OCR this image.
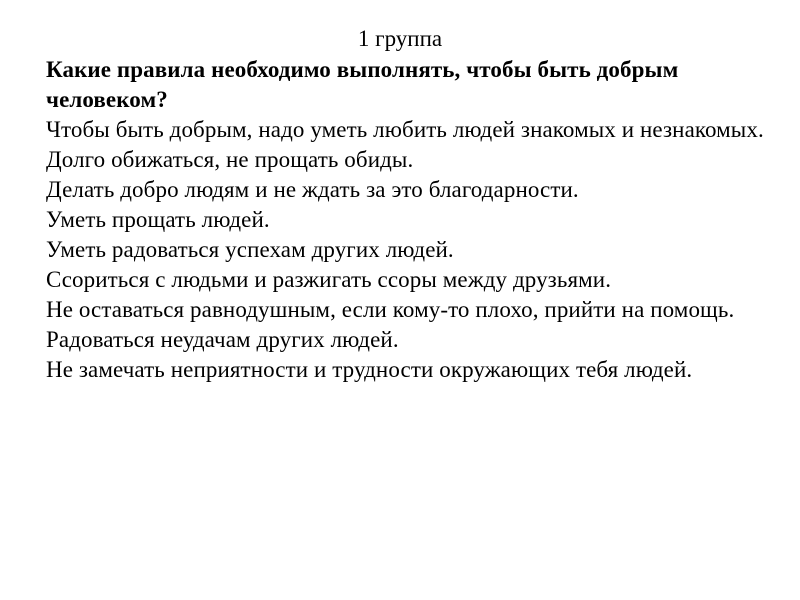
1 группа

Какие правила необходимо выполнять, чтобы быть добрым человеком?

Чтобы быть добрым, надо уметь любить людей знакомых и незнакомых.

Долго обижаться, не прощать обиды.

Делать добро людям и не ждать за это благодарности.

Уметь прощать людей.

Уметь радоваться успехам других людей.

Ссориться с людьми и разжигать ссоры между друзьями.

Не оставаться равнодушным, если кому-то плохо, прийти на помощь.

Радоваться неудачам других людей.

Не замечать неприятности и трудности окружающих тебя людей.
